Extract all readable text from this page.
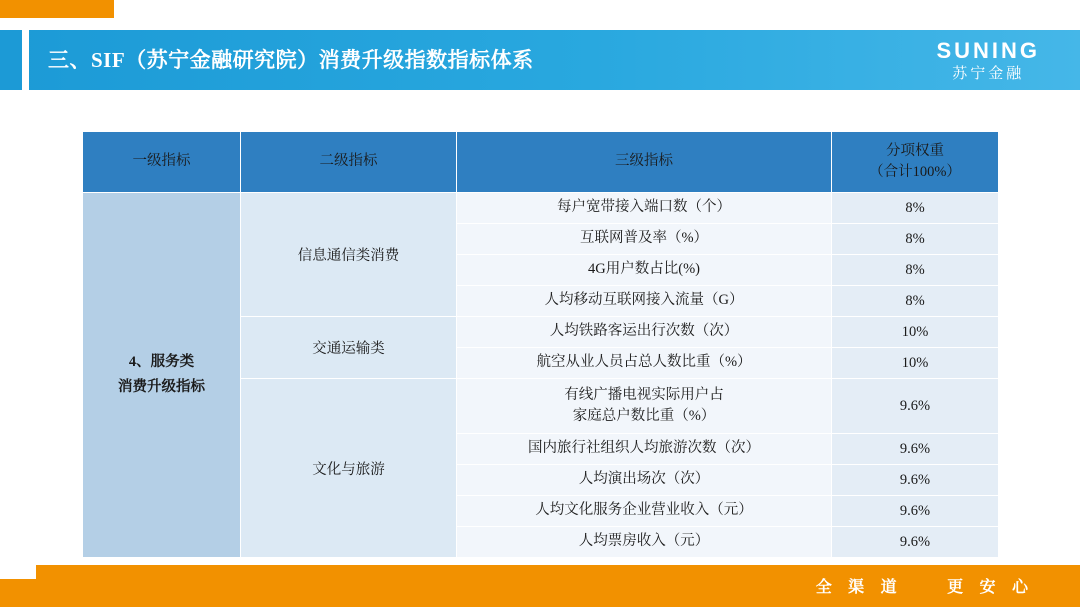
三、SIF（苏宁金融研究院）消费升级指数指标体系	SUNING
苏宁金融
一级指标	二级指标	三级指标	分项权重
（合计100%）

4、服务类
消费升级指标	信息通信类消费	每户宽带接入端口数（个）	8%
		互联网普及率（%）	8%
		4G用户数占比(%)	8%
		人均移动互联网接入流量（G）	8%
	交通运输类	人均铁路客运出行次数（次）	10%
		航空从业人员占总人数比重（%）	10%
	文化与旅游	有线广播电视实际用户占
家庭总户数比重（%）	9.6%
		国内旅行社组织人均旅游次数（次）	9.6%
		人均演出场次（次）	9.6%
		人均文化服务企业营业收入（元）	9.6%
		人均票房收入（元）	9.6%
全 渠 道	更 安 心
